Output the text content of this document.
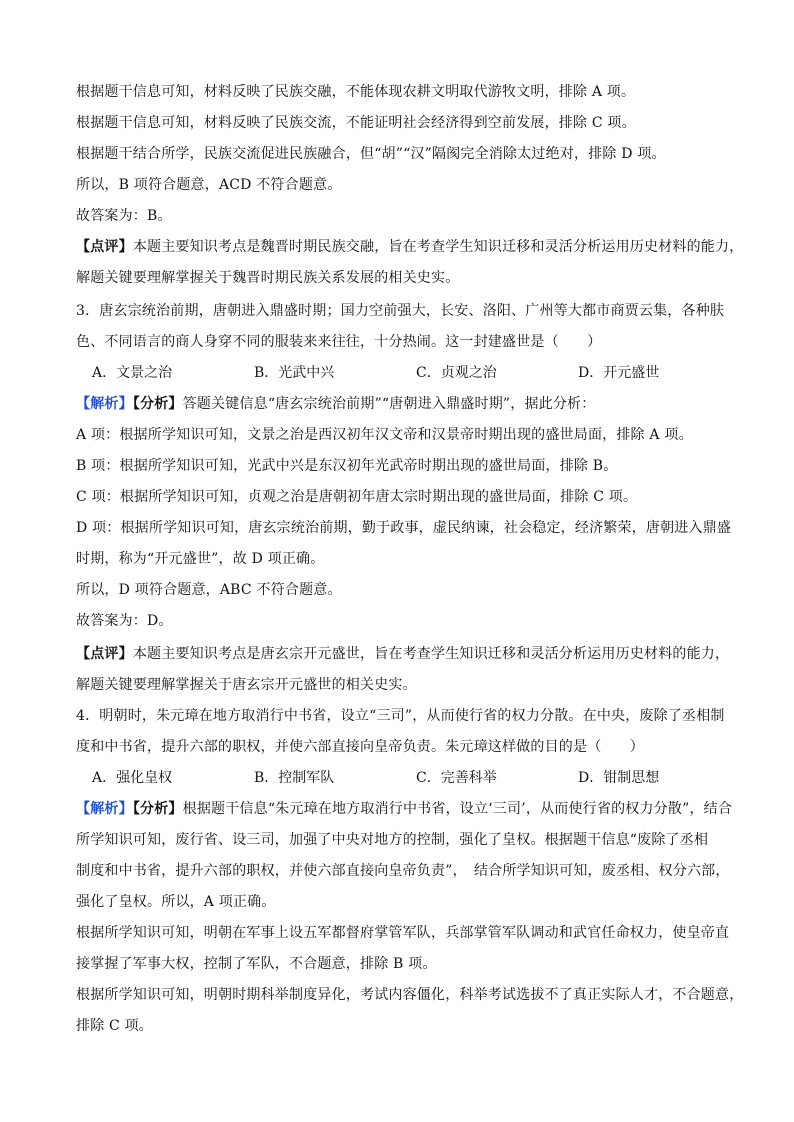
根据题干信息可知，材料反映了民族交融，不能体现农耕文明取代游牧文明，排除 A 项。
根据题干信息可知，材料反映了民族交流，不能证明社会经济得到空前发展，排除 C 项。
根据题干结合所学，民族交流促进民族融合，但“胡”“汉”隔阂完全消除太过绝对，排除 D 项。
所以，B 项符合题意，ACD 不符合题意。
故答案为：B。
【点评】本题主要知识考点是魏晋时期民族交融，旨在考查学生知识迁移和灵活分析运用历史材料的能力，
解题关键要理解掌握关于魏晋时期民族关系发展的相关史实。
3．唐玄宗统治前期，唐朝进入鼎盛时期；国力空前强大，长安、洛阳、广州等大都市商贾云集，各种肤
色、不同语言的商人身穿不同的服装来来往往，十分热闹。这一封建盛世是（　　）
A．文景之治	B．光武中兴	C．贞观之治	D．开元盛世
【解析】【分析】答题关键信息“唐玄宗统治前期”“唐朝进入鼎盛时期”，据此分析：
A 项：根据所学知识可知，文景之治是西汉初年汉文帝和汉景帝时期出现的盛世局面，排除 A 项。
B 项：根据所学知识可知，光武中兴是东汉初年光武帝时期出现的盛世局面，排除 B。
C 项：根据所学知识可知，贞观之治是唐朝初年唐太宗时期出现的盛世局面，排除 C 项。
D 项：根据所学知识可知，唐玄宗统治前期，勤于政事，虚民纳谏，社会稳定，经济繁荣，唐朝进入鼎盛
时期，称为“开元盛世”，故 D 项正确。
所以，D 项符合题意，ABC 不符合题意。
故答案为：D。
【点评】本题主要知识考点是唐玄宗开元盛世，旨在考查学生知识迁移和灵活分析运用历史材料的能力，
解题关键要理解掌握关于唐玄宗开元盛世的相关史实。
4．明朝时，朱元璋在地方取消行中书省，设立“三司”，从而使行省的权力分散。在中央，废除了丞相制
度和中书省，提升六部的职权，并使六部直接向皇帝负责。朱元璋这样做的目的是（　　）
A．强化皇权	B．控制军队	C．完善科举	D．钳制思想
【解析】【分析】根据题干信息“朱元璋在地方取消行中书省，设立‘三司’，从而使行省的权力分散”，结合
所学知识可知，废行省、设三司，加强了中央对地方的控制，强化了皇权。根据题干信息“废除了丞相
制度和中书省，提升六部的职权，并使六部直接向皇帝负责”，　结合所学知识可知，废丞相、权分六部，
强化了皇权。所以，A 项正确。
根据所学知识可知，明朝在军事上设五军都督府掌管军队，兵部掌管军队调动和武官任命权力，使皇帝直
接掌握了军事大权，控制了军队，不合题意，排除 B 项。
根据所学知识可知，明朝时期科举制度异化，考试内容僵化，科举考试选拔不了真正实际人才，不合题意，
排除 C 项。
